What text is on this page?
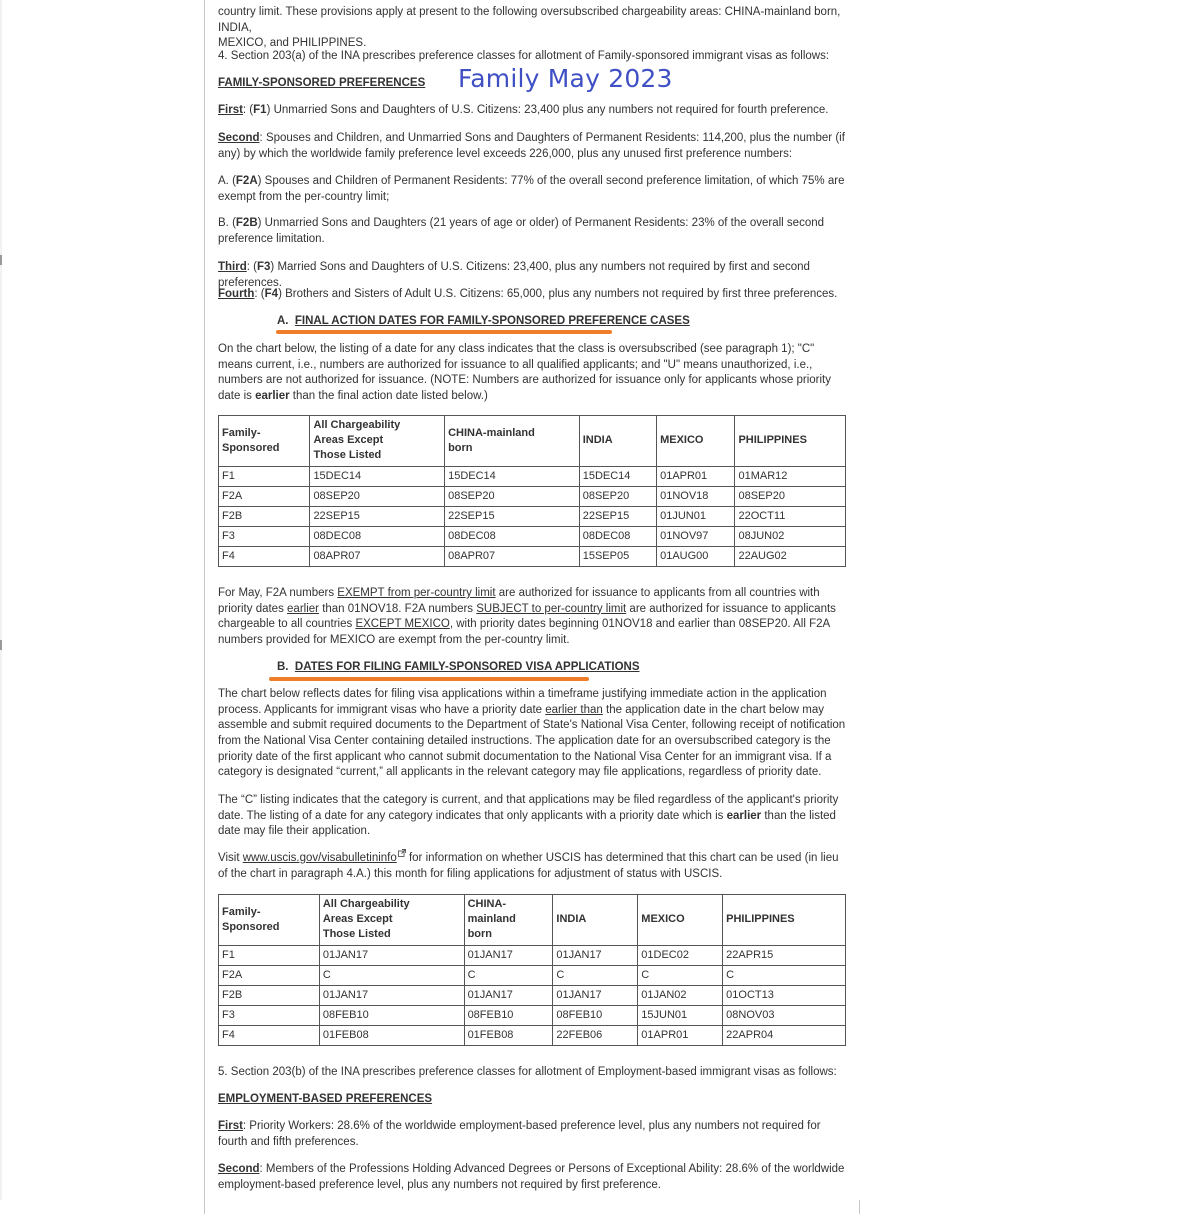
country limit. These provisions apply at present to the following oversubscribed chargeability areas: CHINA-mainland born, INDIA,
MEXICO, and PHILIPPINES.

4. Section 203(a) of the INA prescribes preference classes for allotment of Family-sponsored immigrant visas as follows:

FAMILY-SPONSORED PREFERENCES	Family May 2023

First: (F1) Unmarried Sons and Daughters of U.S. Citizens: 23,400 plus any numbers not required for fourth preference.

Second: Spouses and Children, and Unmarried Sons and Daughters of Permanent Residents: 114,200, plus the number (if any) by which the worldwide family preference level exceeds 226,000, plus any unused first preference numbers:

A. (F2A) Spouses and Children of Permanent Residents: 77% of the overall second preference limitation, of which 75% are exempt from the per-country limit;

B. (F2B) Unmarried Sons and Daughters (21 years of age or older) of Permanent Residents: 23% of the overall second preference limitation.

Third: (F3) Married Sons and Daughters of U.S. Citizens: 23,400, plus any numbers not required by first and second preferences.

Fourth: (F4) Brothers and Sisters of Adult U.S. Citizens: 65,000, plus any numbers not required by first three preferences.

A. FINAL ACTION DATES FOR FAMILY-SPONSORED PREFERENCE CASES

On the chart below, the listing of a date for any class indicates that the class is oversubscribed (see paragraph 1); "C" means current, i.e., numbers are authorized for issuance to all qualified applicants; and "U" means unauthorized, i.e., numbers are not authorized for issuance. (NOTE: Numbers are authorized for issuance only for applicants whose priority date is earlier than the final action date listed below.)

Family-
Sponsored	All Chargeability
Areas Except
Those Listed	CHINA-mainland
born	INDIA	MEXICO	PHILIPPINES
F1	15DEC14	15DEC14	15DEC14	01APR01	01MAR12
F2A	08SEP20	08SEP20	08SEP20	01NOV18	08SEP20
F2B	22SEP15	22SEP15	22SEP15	01JUN01	22OCT11
F3	08DEC08	08DEC08	08DEC08	01NOV97	08JUN02
F4	08APR07	08APR07	15SEP05	01AUG00	22AUG02

For May, F2A numbers EXEMPT from per-country limit are authorized for issuance to applicants from all countries with priority dates earlier than 01NOV18. F2A numbers SUBJECT to per-country limit are authorized for issuance to applicants chargeable to all countries EXCEPT MEXICO, with priority dates beginning 01NOV18 and earlier than 08SEP20. All F2A numbers provided for MEXICO are exempt from the per-country limit.

B. DATES FOR FILING FAMILY-SPONSORED VISA APPLICATIONS

The chart below reflects dates for filing visa applications within a timeframe justifying immediate action in the application process. Applicants for immigrant visas who have a priority date earlier than the application date in the chart below may assemble and submit required documents to the Department of State's National Visa Center, following receipt of notification from the National Visa Center containing detailed instructions. The application date for an oversubscribed category is the priority date of the first applicant who cannot submit documentation to the National Visa Center for an immigrant visa. If a category is designated “current,” all applicants in the relevant category may file applications, regardless of priority date.

The “C” listing indicates that the category is current, and that applications may be filed regardless of the applicant's priority date. The listing of a date for any category indicates that only applicants with a priority date which is earlier than the listed date may file their application.

Visit www.uscis.gov/visabulletininfo for information on whether USCIS has determined that this chart can be used (in lieu of the chart in paragraph 4.A.) this month for filing applications for adjustment of status with USCIS.

Family-
Sponsored	All Chargeability
Areas Except
Those Listed	CHINA-
mainland
born	INDIA	MEXICO	PHILIPPINES
F1	01JAN17	01JAN17	01JAN17	01DEC02	22APR15
F2A	C	C	C	C	C
F2B	01JAN17	01JAN17	01JAN17	01JAN02	01OCT13
F3	08FEB10	08FEB10	08FEB10	15JUN01	08NOV03
F4	01FEB08	01FEB08	22FEB06	01APR01	22APR04

5. Section 203(b) of the INA prescribes preference classes for allotment of Employment-based immigrant visas as follows:

EMPLOYMENT-BASED PREFERENCES

First: Priority Workers: 28.6% of the worldwide employment-based preference level, plus any numbers not required for fourth and fifth preferences.

Second: Members of the Professions Holding Advanced Degrees or Persons of Exceptional Ability: 28.6% of the worldwide employment-based preference level, plus any numbers not required by first preference.
